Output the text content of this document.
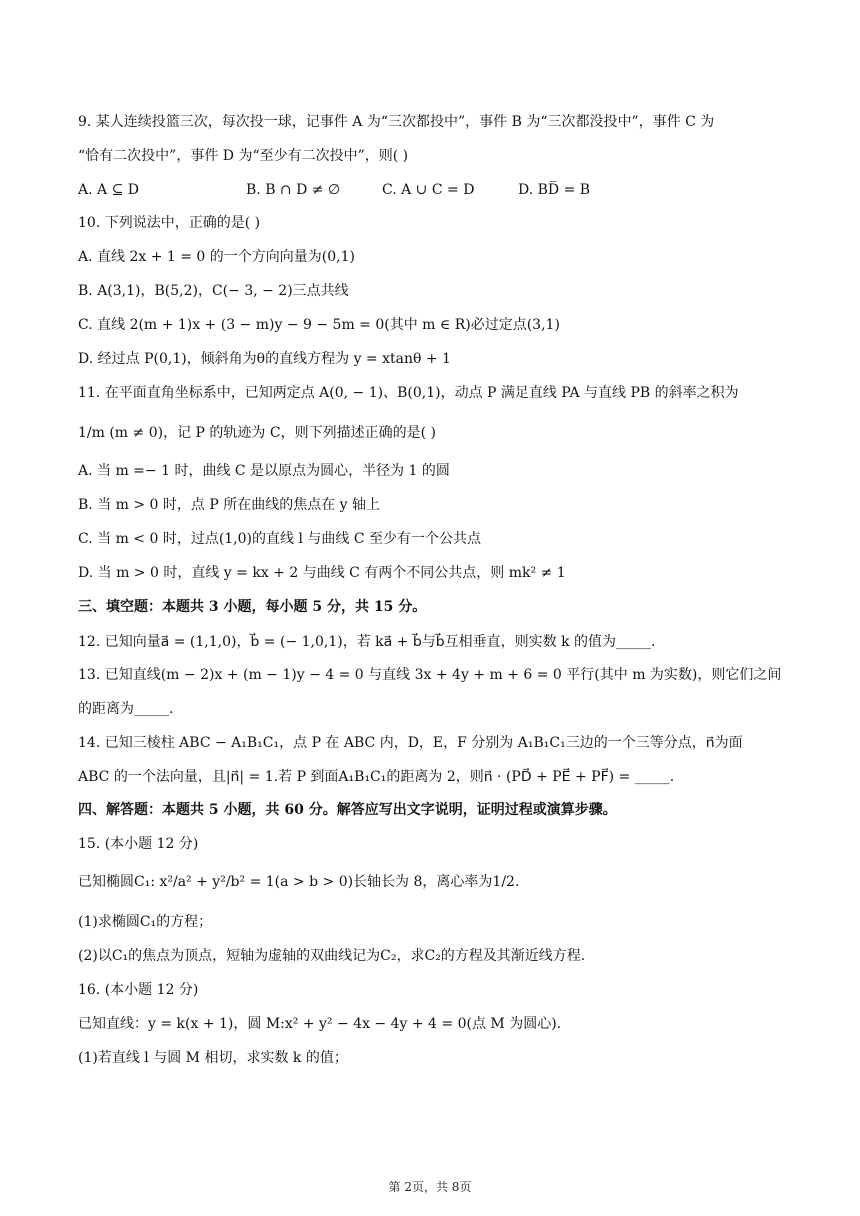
9. 某人连续投篮三次，每次投一球，记事件 A 为“三次都投中”，事件 B 为“三次都没投中”，事件 C 为
“恰有二次投中”，事件 D 为“至少有二次投中”，则( )
A. A ⊆ D	B. B ∩ D ≠ ∅	C. A ∪ C = D	D. BD̅ = B
10. 下列说法中，正确的是( )
A. 直线 2x + 1 = 0 的一个方向向量为(0,1)
B. A(3,1)，B(5,2)，C(− 3, − 2)三点共线
C. 直线 2(m + 1)x + (3 − m)y − 9 − 5m = 0(其中 m ∈ R)必过定点(3,1)
D. 经过点 P(0,1)，倾斜角为θ的直线方程为 y = xtanθ + 1
11. 在平面直角坐标系中，已知两定点 A(0, − 1)、B(0,1)，动点 P 满足直线 PA 与直线 PB 的斜率之积为
1/m (m ≠ 0)，记 P 的轨迹为 C，则下列描述正确的是( )
A. 当 m =− 1 时，曲线 C 是以原点为圆心，半径为 1 的圆
B. 当 m > 0 时，点 P 所在曲线的焦点在 y 轴上
C. 当 m < 0 时，过点(1,0)的直线 l 与曲线 C 至少有一个公共点
D. 当 m > 0 时，直线 y = kx + 2 与曲线 C 有两个不同公共点，则 mk² ≠ 1
三、填空题：本题共 3 小题，每小题 5 分，共 15 分。
12. 已知向量a⃗ = (1,1,0)，b⃗ = (− 1,0,1)，若 ka⃗ + b⃗与b⃗互相垂直，则实数 k 的值为_____.
13. 已知直线(m − 2)x + (m − 1)y − 4 = 0 与直线 3x + 4y + m + 6 = 0 平行(其中 m 为实数)，则它们之间
的距离为_____.
14. 已知三棱柱 ABC − A₁B₁C₁，点 P 在 ABC 内，D，E，F 分别为 A₁B₁C₁三边的一个三等分点，n⃗为面
ABC 的一个法向量，且|n⃗| = 1.若 P 到面A₁B₁C₁的距离为 2，则n⃗ · (PD⃗ + PE⃗ + PF⃗) = _____.
四、解答题：本题共 5 小题，共 60 分。解答应写出文字说明，证明过程或演算步骤。
15. (本小题 12 分)
已知椭圆C₁: x²/a² + y²/b² = 1(a > b > 0)长轴长为 8，离心率为1/2.
(1)求椭圆C₁的方程；
(2)以C₁的焦点为顶点，短轴为虚轴的双曲线记为C₂，求C₂的方程及其渐近线方程.
16. (本小题 12 分)
已知直线：y = k(x + 1)，圆 M:x² + y² − 4x − 4y + 4 = 0(点 M 为圆心).
(1)若直线 l 与圆 M 相切，求实数 k 的值；
第 2页，共 8页
